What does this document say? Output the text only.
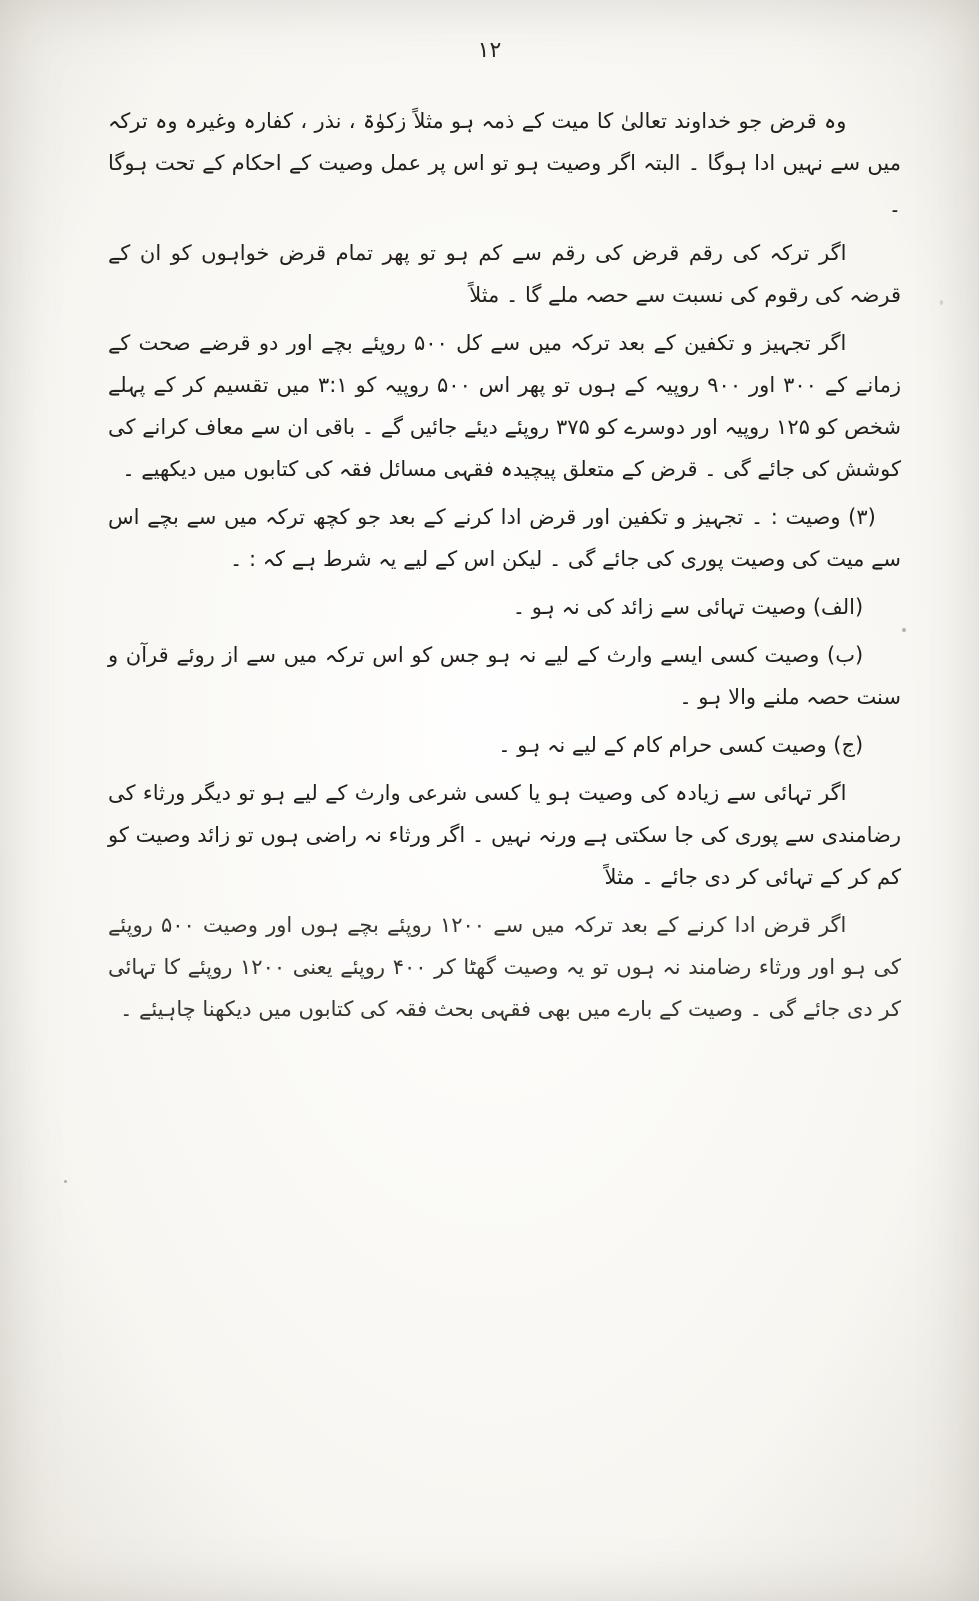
۱۲

وہ قرض جو خداوند تعالیٰ کا میت کے ذمہ ہو مثلاً زکوٰۃ ، نذر ، کفارہ وغیرہ وہ ترکہ میں سے نہیں ادا ہوگا ۔ البتہ اگر وصیت ہو تو اس پر عمل وصیت کے احکام کے تحت ہوگا ۔

اگر ترکہ کی رقم قرض کی رقم سے کم ہو تو پھر تمام قرض خواہوں کو ان کے قرضہ کی رقوم کی نسبت سے حصہ ملے گا ۔ مثلاً

اگر تجہیز و تکفین کے بعد ترکہ میں سے کل ۵۰۰ روپئے بچے اور دو قرضے صحت کے زمانے کے ۳۰۰ اور ۹۰۰ روپیہ کے ہوں تو پھر اس ۵۰۰ روپیہ کو ۳:۱ میں تقسیم کر کے پہلے شخص کو ۱۲۵ روپیہ اور دوسرے کو ۳۷۵ روپئے دیئے جائیں گے ۔ باقی ان سے معاف کرانے کی کوشش کی جائے گی ۔ قرض کے متعلق پیچیدہ فقہی مسائل فقہ کی کتابوں میں دیکھیے ۔

(۳) وصیت : ۔ تجہیز و تکفین اور قرض ادا کرنے کے بعد جو کچھ ترکہ میں سے بچے اس سے میت کی وصیت پوری کی جائے گی ۔ لیکن اس کے لیے یہ شرط ہے کہ : ۔

(الف) وصیت تہائی سے زائد کی نہ ہو ۔

(ب) وصیت کسی ایسے وارث کے لیے نہ ہو جس کو اس ترکہ میں سے از روئے قرآن و سنت حصہ ملنے والا ہو ۔

(ج) وصیت کسی حرام کام کے لیے نہ ہو ۔

اگر تہائی سے زیادہ کی وصیت ہو یا کسی شرعی وارث کے لیے ہو تو دیگر ورثاء کی رضامندی سے پوری کی جا سکتی ہے ورنہ نہیں ۔ اگر ورثاء نہ راضی ہوں تو زائد وصیت کو کم کر کے تہائی کر دی جائے ۔ مثلاً

اگر قرض ادا کرنے کے بعد ترکہ میں سے ۱۲۰۰ روپئے بچے ہوں اور وصیت ۵۰۰ روپئے کی ہو اور ورثاء رضامند نہ ہوں تو یہ وصیت گھٹا کر ۴۰۰ روپئے یعنی ۱۲۰۰ روپئے کا تہائی کر دی جائے گی ۔ وصیت کے بارے میں بھی فقہی بحث فقہ کی کتابوں میں دیکھنا چاہیئے ۔
